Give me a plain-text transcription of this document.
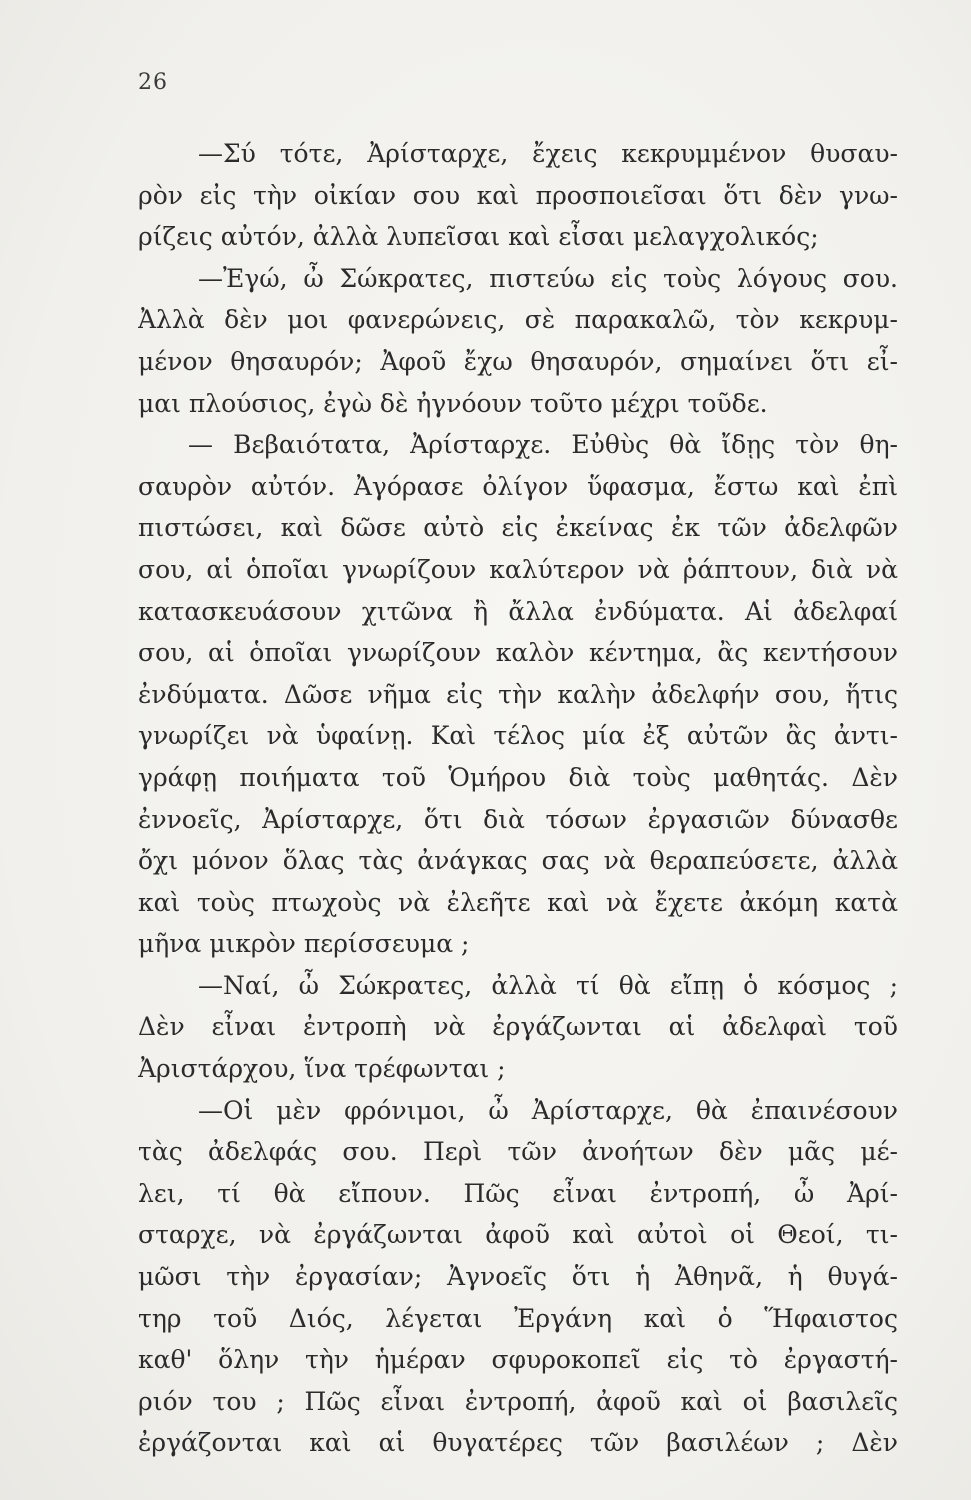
26
—Σύ τότε, Ἀρίσταρχε, ἔχεις κεκρυμμένον θυσαυ-
ρὸν εἰς τὴν οἰκίαν σου καὶ προσποιεῖσαι ὅτι δὲν γνω-
ρίζεις αὐτόν, ἀλλὰ λυπεῖσαι καὶ εἶσαι μελαγχολικός;
—Ἐγώ, ὦ Σώκρατες, πιστεύω εἰς τοὺς λόγους σου.
Ἀλλὰ δὲν μοι φανερώνεις, σὲ παρακαλῶ, τὸν κεκρυμ-
μένον θησαυρόν; Ἀφοῦ ἔχω θησαυρόν, σημαίνει ὅτι εἶ-
μαι πλούσιος, ἐγὼ δὲ ἠγνόουν τοῦτο μέχρι τοῦδε.
— Βεβαιότατα, Ἀρίσταρχε. Εὐθὺς θὰ ἴδῃς τὸν θη-
σαυρὸν αὐτόν. Ἀγόρασε ὀλίγον ὕφασμα, ἔστω καὶ ἐπὶ
πιστώσει, καὶ δῶσε αὐτὸ εἰς ἐκείνας ἐκ τῶν ἀδελφῶν
σου, αἱ ὁποῖαι γνωρίζουν καλύτερον νὰ ῥάπτουν, διὰ νὰ
κατασκευάσουν χιτῶνα ἢ ἄλλα ἐνδύματα. Αἱ ἀδελφαί
σου, αἱ ὁποῖαι γνωρίζουν καλὸν κέντημα, ἂς κεντήσουν
ἐνδύματα. Δῶσε νῆμα εἰς τὴν καλὴν ἀδελφήν σου, ἥτις
γνωρίζει νὰ ὑφαίνῃ. Καὶ τέλος μία ἐξ αὐτῶν ἂς ἀντι-
γράφῃ ποιήματα τοῦ Ὁμήρου διὰ τοὺς μαθητάς. Δὲν
ἐννοεῖς, Ἀρίσταρχε, ὅτι διὰ τόσων ἐργασιῶν δύνασθε
ὄχι μόνον ὅλας τὰς ἀνάγκας σας νὰ θεραπεύσετε, ἀλλὰ
καὶ τοὺς πτωχοὺς νὰ ἐλεῆτε καὶ νὰ ἔχετε ἀκόμη κατὰ
μῆνα μικρὸν περίσσευμα ;
—Ναί, ὦ Σώκρατες, ἀλλὰ τί θὰ εἴπῃ ὁ κόσμος ;
Δὲν εἶναι ἐντροπὴ νὰ ἐργάζωνται αἱ ἀδελφαὶ τοῦ
Ἀριστάρχου, ἵνα τρέφωνται ;
—Οἱ μὲν φρόνιμοι, ὦ Ἀρίσταρχε, θὰ ἐπαινέσουν
τὰς ἀδελφάς σου. Περὶ τῶν ἀνοήτων δὲν μᾶς μέ-
λει, τί θὰ εἴπουν. Πῶς εἶναι ἐντροπή, ὦ Ἀρί-
σταρχε, νὰ ἐργάζωνται ἀφοῦ καὶ αὐτοὶ οἱ Θεοί, τι-
μῶσι τὴν ἐργασίαν; Ἀγνοεῖς ὅτι ἡ Ἀθηνᾶ, ἡ θυγά-
τηρ τοῦ Διός, λέγεται Ἐργάνη καὶ ὁ Ἥφαιστος
καθ' ὅλην τὴν ἡμέραν σφυροκοπεῖ εἰς τὸ ἐργαστή-
ριόν του ; Πῶς εἶναι ἐντροπή, ἀφοῦ καὶ οἱ βασιλεῖς
ἐργάζονται καὶ αἱ θυγατέρες τῶν βασιλέων ; Δὲν
